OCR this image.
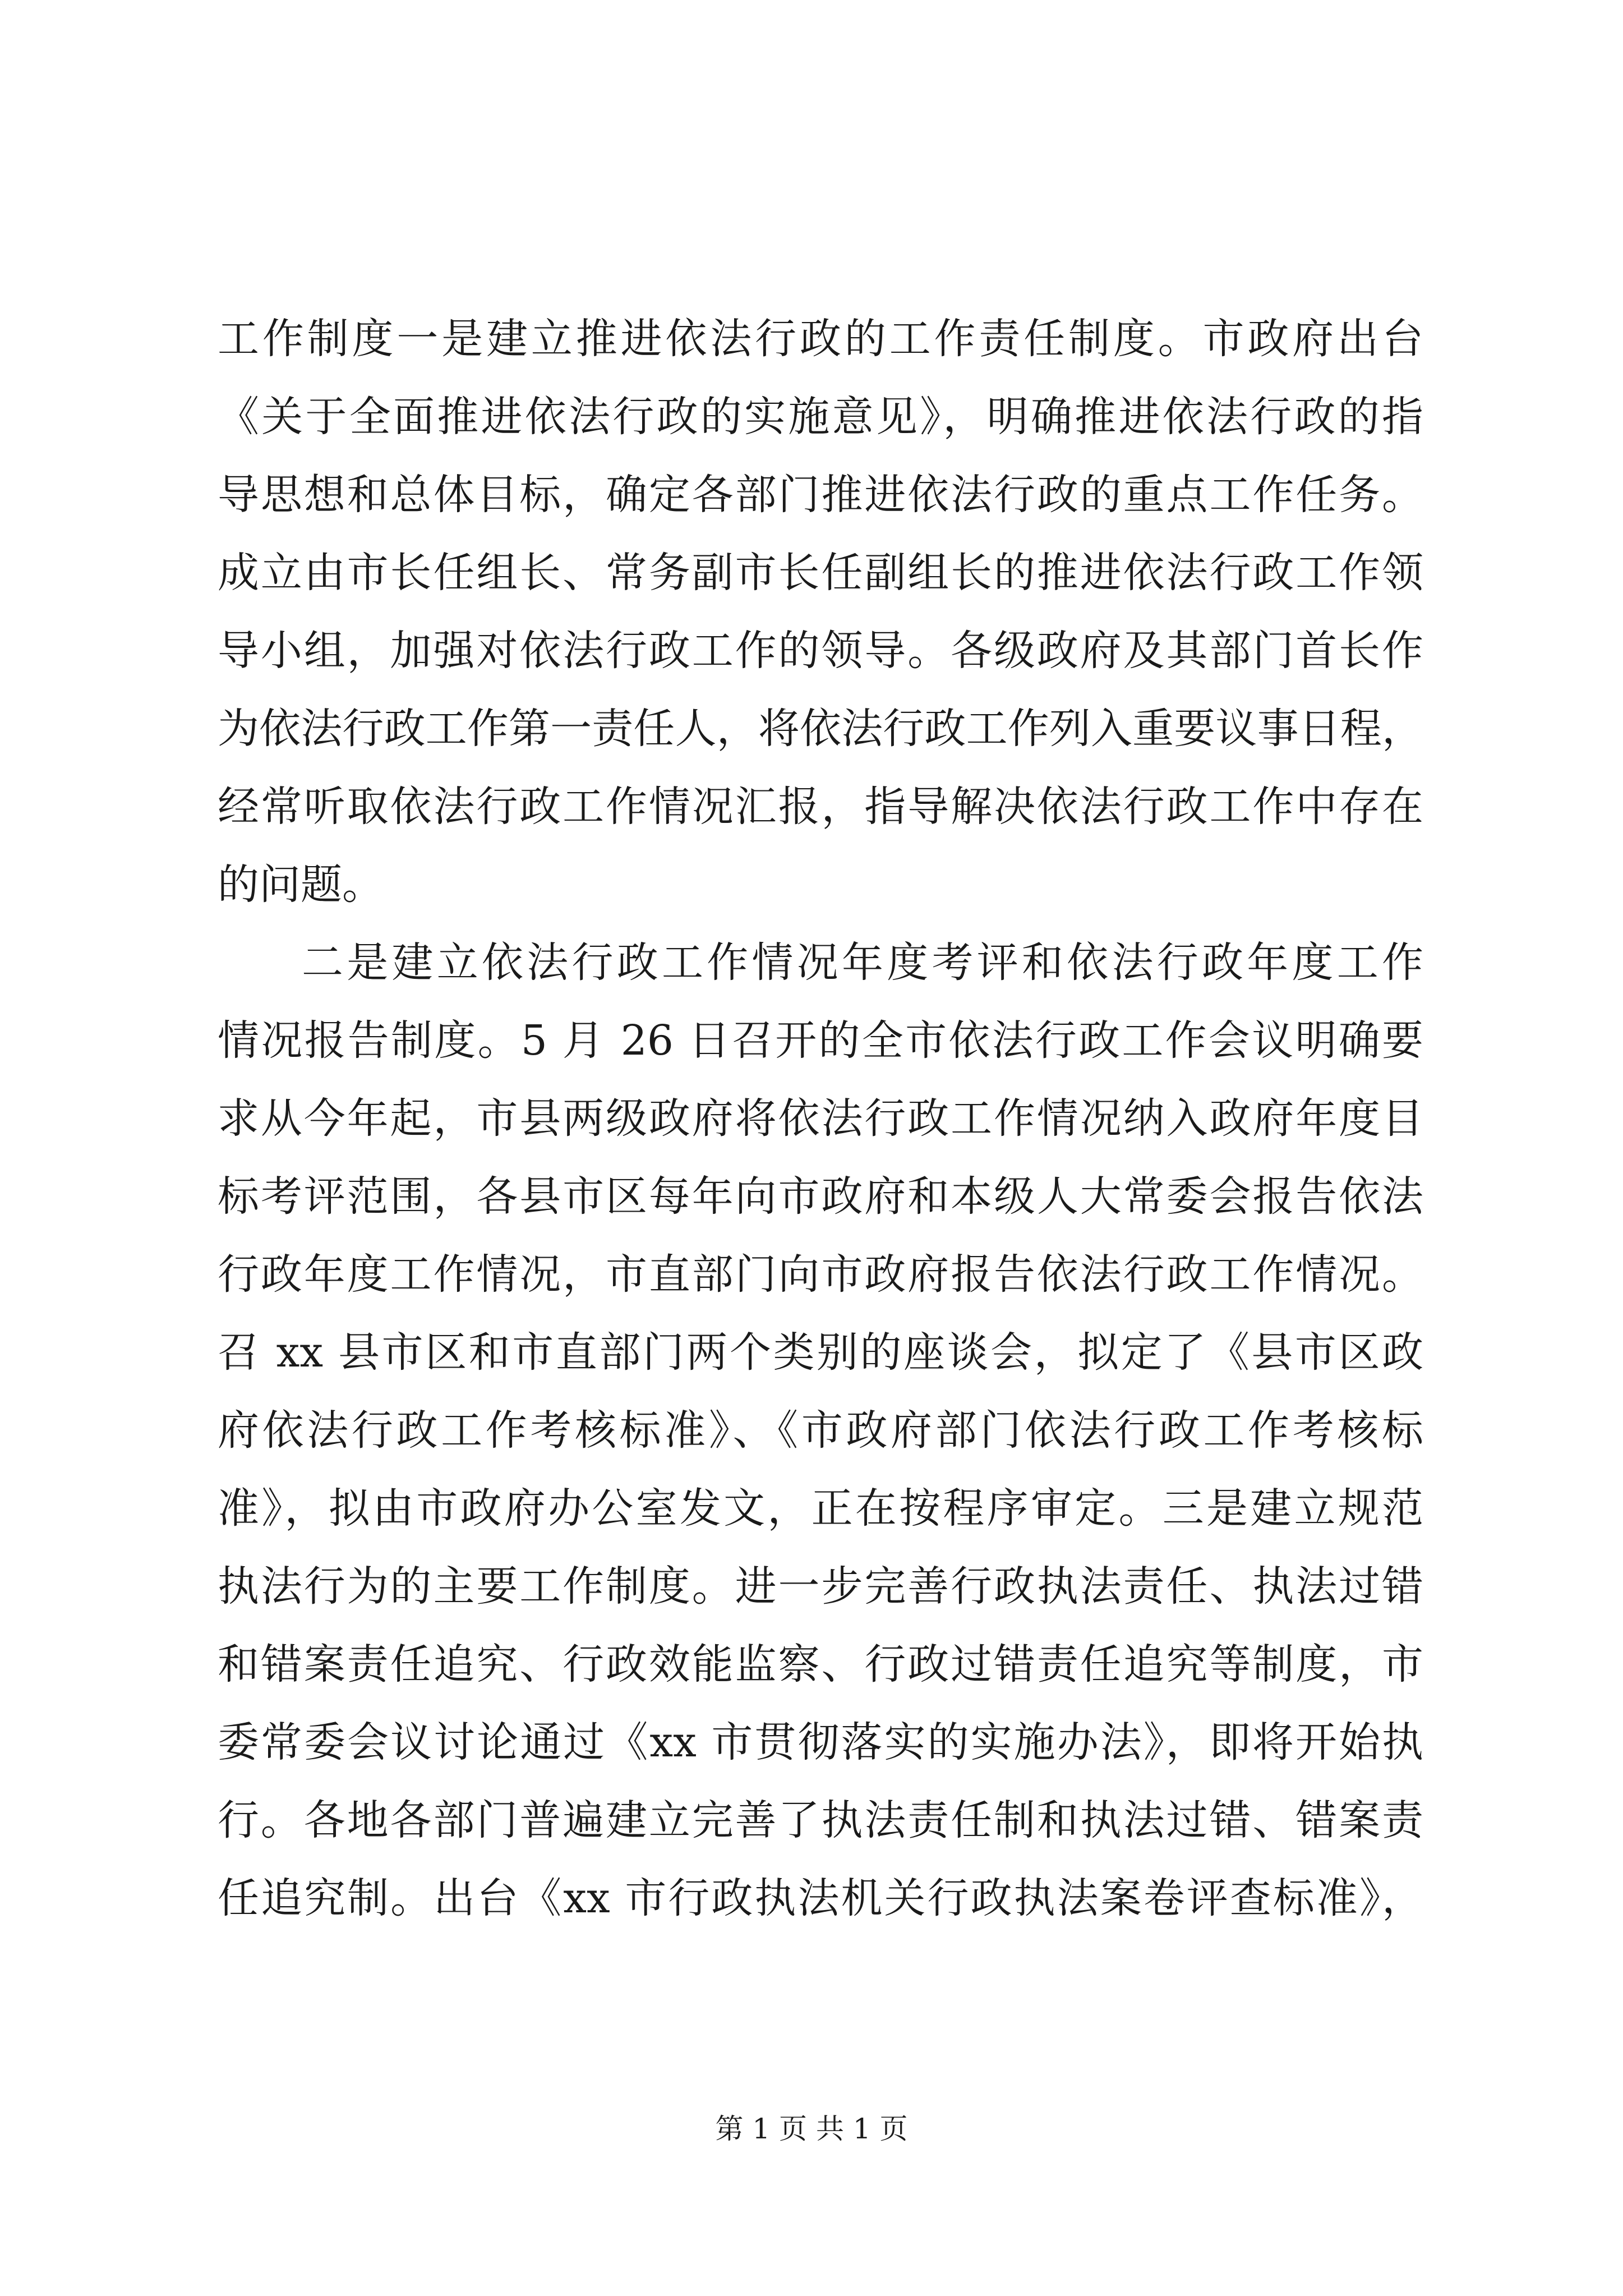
工作制度一是建立推进依法行政的工作责任制度。市政府出台
《关于全面推进依法行政的实施意见》，明确推进依法行政的指
导思想和总体目标，确定各部门推进依法行政的重点工作任务。
成立由市长任组长、常务副市长任副组长的推进依法行政工作领
导小组，加强对依法行政工作的领导。各级政府及其部门首长作
为依法行政工作第一责任人，将依法行政工作列入重要议事日程，
经常听取依法行政工作情况汇报，指导解决依法行政工作中存在
的问题。
二是建立依法行政工作情况年度考评和依法行政年度工作
情况报告制度。5 月 26 日召开的全市依法行政工作会议明确要
求从今年起，市县两级政府将依法行政工作情况纳入政府年度目
标考评范围，各县市区每年向市政府和本级人大常委会报告依法
行政年度工作情况，市直部门向市政府报告依法行政工作情况。
召 xx 县市区和市直部门两个类别的座谈会，拟定了《县市区政
府依法行政工作考核标准》、《市政府部门依法行政工作考核标
准》，拟由市政府办公室发文，正在按程序审定。三是建立规范
执法行为的主要工作制度。进一步完善行政执法责任、执法过错
和错案责任追究、行政效能监察、行政过错责任追究等制度，市
委常委会议讨论通过《xx 市贯彻落实的实施办法》，即将开始执
行。各地各部门普遍建立完善了执法责任制和执法过错、错案责
任追究制。出台《xx 市行政执法机关行政执法案卷评查标准》，
第 1 页 共 1 页
